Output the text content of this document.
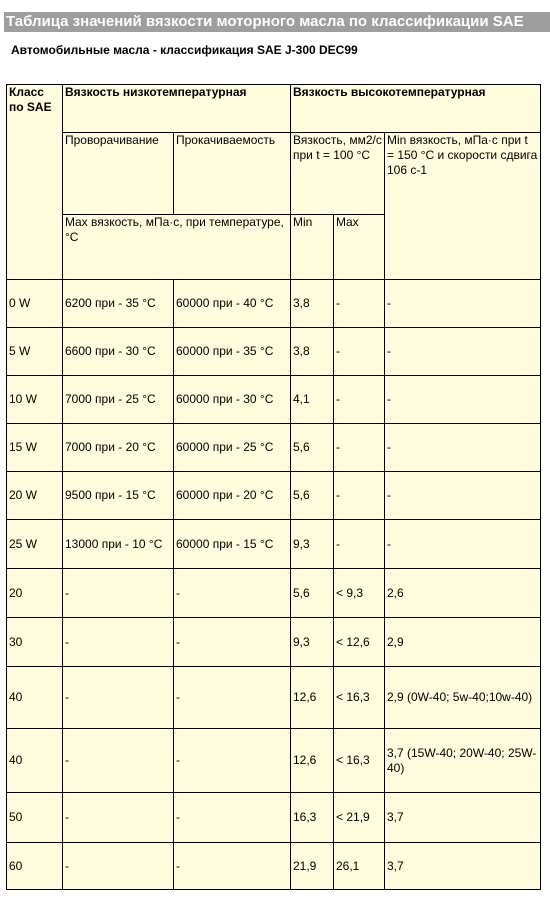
Таблица значений вязкости моторного масла по классификации SAE
Автомобильные масла - классификация SAE J-300 DEC99
Класс по SAE	Вязкость низкотемпературная		Вязкость высокотемпературная		
	Проворачивание	Прокачиваемость	Вязкость, мм2/с при t = 100 °С		Min вязкость, мПа·с при t = 150 °С и скорости сдвига 106 с-1
	Max вязкость, мПа·с, при температуре, °С		Min	Max	
0 W	6200 при - 35 °С	60000 при - 40 °С	3,8	-	-
5 W	6600 при - 30 °С	60000 при - 35 °С	3,8	-	-
10 W	7000 при - 25 °С	60000 при - 30 °С	4,1	-	-
15 W	7000 при - 20 °С	60000 при - 25 °С	5,6	-	-
20 W	9500 при - 15 °С	60000 при - 20 °С	5,6	-	-
25 W	13000 при - 10 °С	60000 при - 15 °С	9,3	-	-
20	-	-	5,6	< 9,3	2,6
30	-	-	9,3	< 12,6	2,9
40	-	-	12,6	< 16,3	2,9 (0W-40; 5w-40;10w-40)
40	-	-	12,6	< 16,3	3,7 (15W-40; 20W-40; 25W-40)
50	-	-	16,3	< 21,9	3,7
60	-	-	21,9	26,1	3,7
